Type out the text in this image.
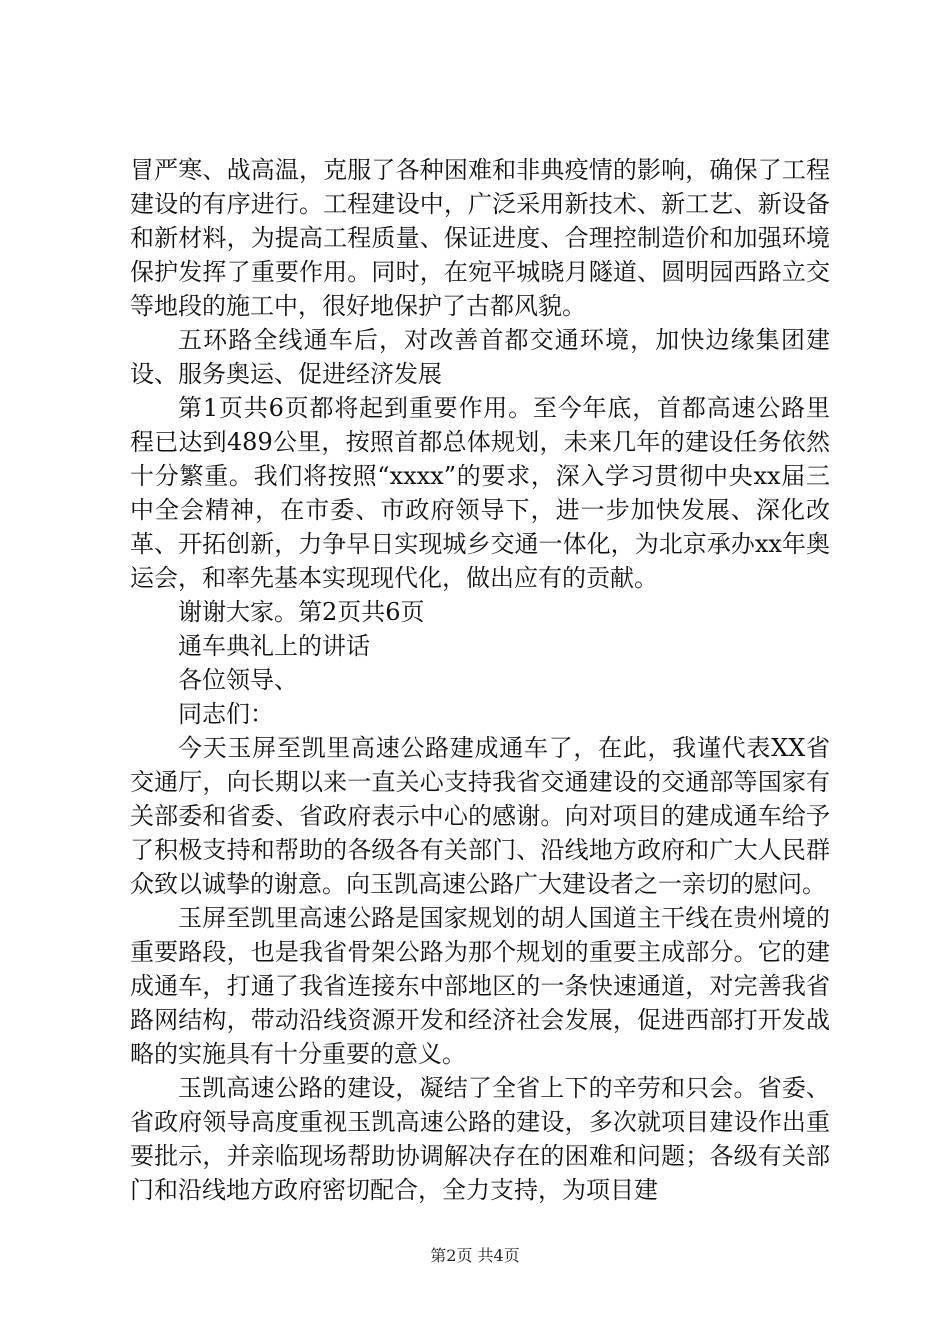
冒严寒、战高温，克服了各种困难和非典疫情的影响，确保了工程建设的有序进行。工程建设中，广泛采用新技术、新工艺、新设备和新材料，为提高工程质量、保证进度、合理控制造价和加强环境保护发挥了重要作用。同时，在宛平城晓月隧道、圆明园西路立交等地段的施工中，很好地保护了古都风貌。

五环路全线通车后，对改善首都交通环境，加快边缘集团建设、服务奥运、促进经济发展

第1页共6页都将起到重要作用。至今年底，首都高速公路里程已达到489公里，按照首都总体规划，未来几年的建设任务依然十分繁重。我们将按照“xxxx”的要求，深入学习贯彻中央xx届三中全会精神，在市委、市政府领导下，进一步加快发展、深化改革、开拓创新，力争早日实现城乡交通一体化，为北京承办xx年奥运会，和率先基本实现现代化，做出应有的贡献。

谢谢大家。第2页共6页

通车典礼上的讲话

各位领导、

同志们：

今天玉屏至凯里高速公路建成通车了，在此，我谨代表XX省交通厅，向长期以来一直关心支持我省交通建设的交通部等国家有关部委和省委、省政府表示中心的感谢。向对项目的建成通车给予了积极支持和帮助的各级各有关部门、沿线地方政府和广大人民群众致以诚挚的谢意。向玉凯高速公路广大建设者之一亲切的慰问。

玉屏至凯里高速公路是国家规划的胡人国道主干线在贵州境的重要路段，也是我省骨架公路为那个规划的重要主成部分。它的建成通车，打通了我省连接东中部地区的一条快速通道，对完善我省路网结构，带动沿线资源开发和经济社会发展，促进西部打开发战略的实施具有十分重要的意义。

玉凯高速公路的建设，凝结了全省上下的辛劳和只会。省委、省政府领导高度重视玉凯高速公路的建设，多次就项目建设作出重要批示，并亲临现场帮助协调解决存在的困难和问题；各级有关部门和沿线地方政府密切配合，全力支持，为项目建

第2页 共4页
